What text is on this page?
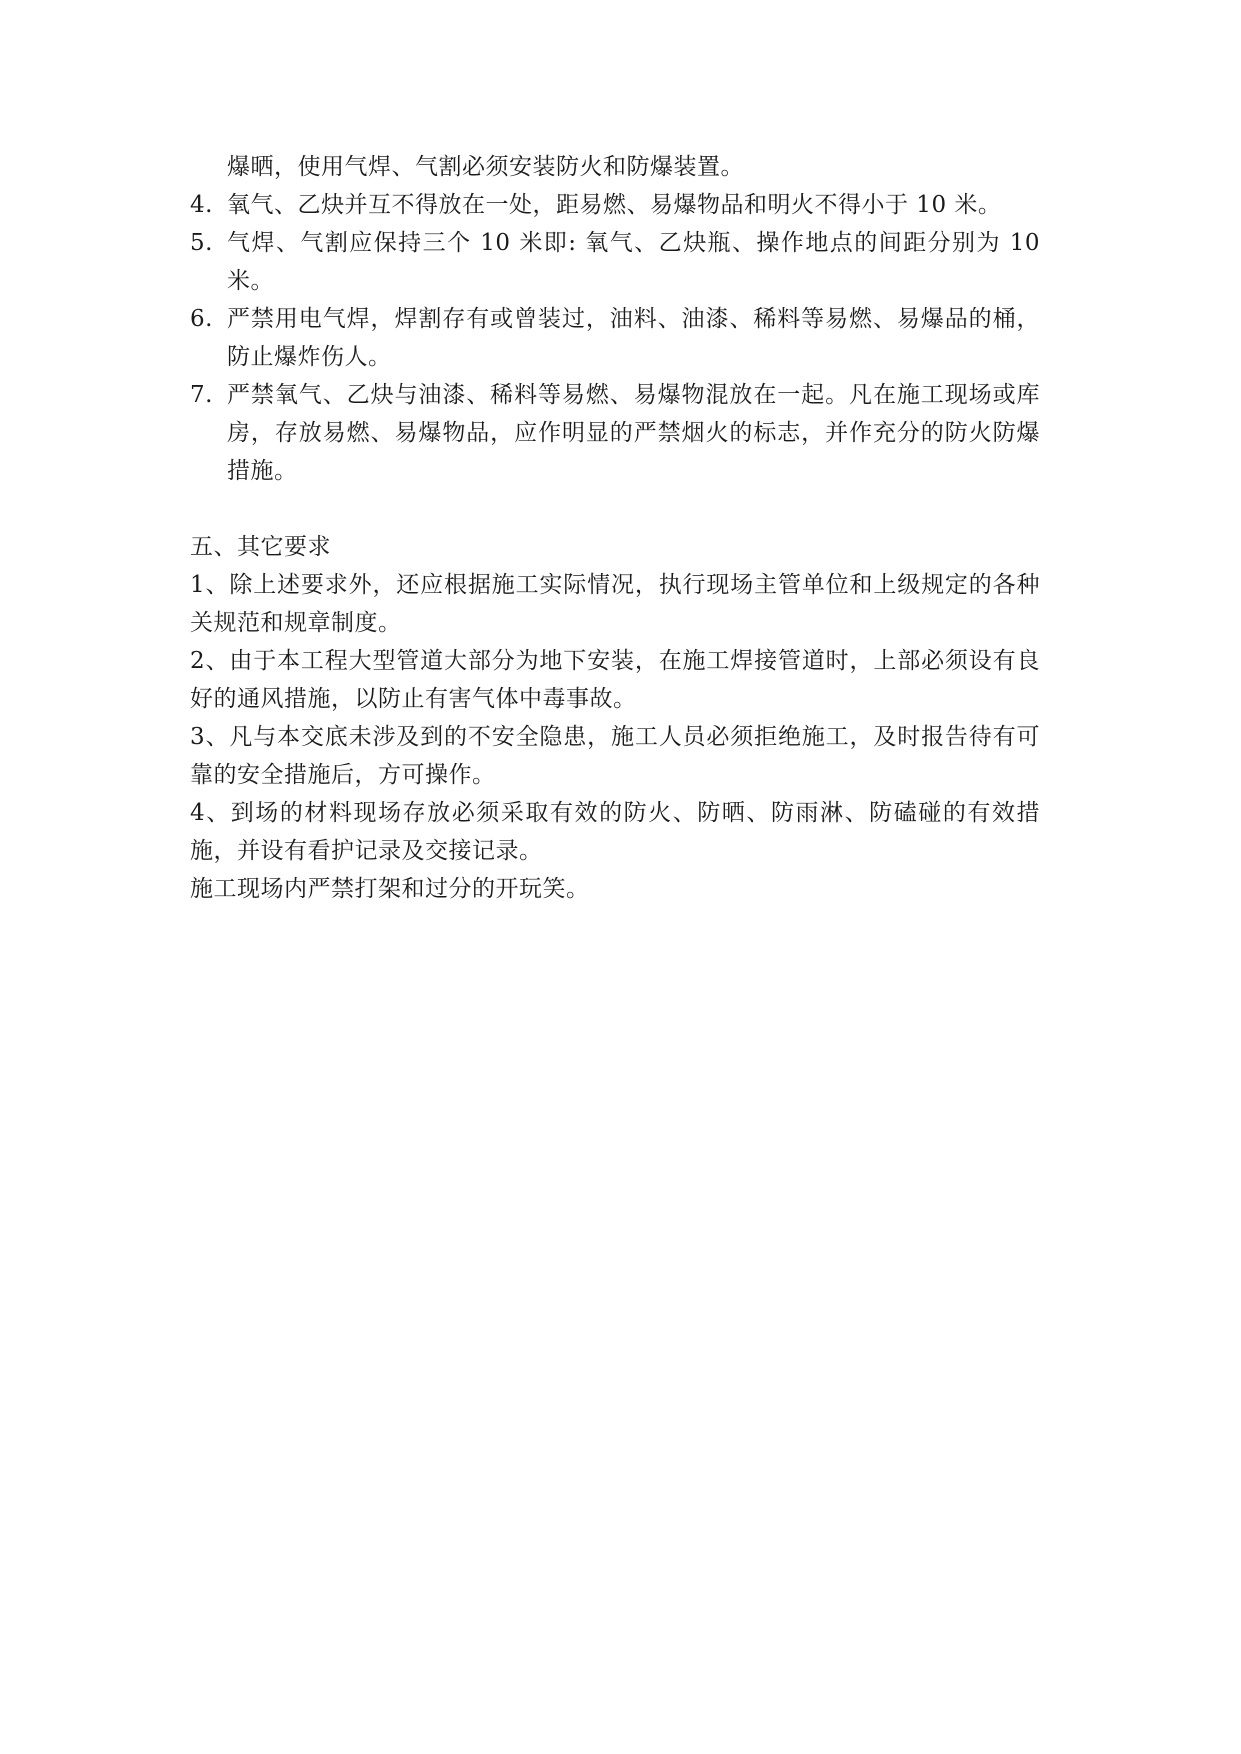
爆晒，使用气焊、气割必须安装防火和防爆装置。
4. 氧气、乙炔并互不得放在一处，距易燃、易爆物品和明火不得小于 10 米。
5. 气焊、气割应保持三个 10 米即: 氧气、乙炔瓶、操作地点的间距分别为 10 米。
6. 严禁用电气焊，焊割存有或曾装过，油料、油漆、稀料等易燃、易爆品的桶，防止爆炸伤人。
7. 严禁氧气、乙炔与油漆、稀料等易燃、易爆物混放在一起。凡在施工现场或库房，存放易燃、易爆物品，应作明显的严禁烟火的标志，并作充分的防火防爆措施。
五、其它要求
1、除上述要求外，还应根据施工实际情况，执行现场主管单位和上级规定的各种关规范和规章制度。
2、由于本工程大型管道大部分为地下安装，在施工焊接管道时，上部必须设有良好的通风措施，以防止有害气体中毒事故。
3、凡与本交底未涉及到的不安全隐患，施工人员必须拒绝施工，及时报告待有可靠的安全措施后，方可操作。
4、到场的材料现场存放必须采取有效的防火、防晒、防雨淋、防磕碰的有效措施，并设有看护记录及交接记录。
施工现场内严禁打架和过分的开玩笑。
